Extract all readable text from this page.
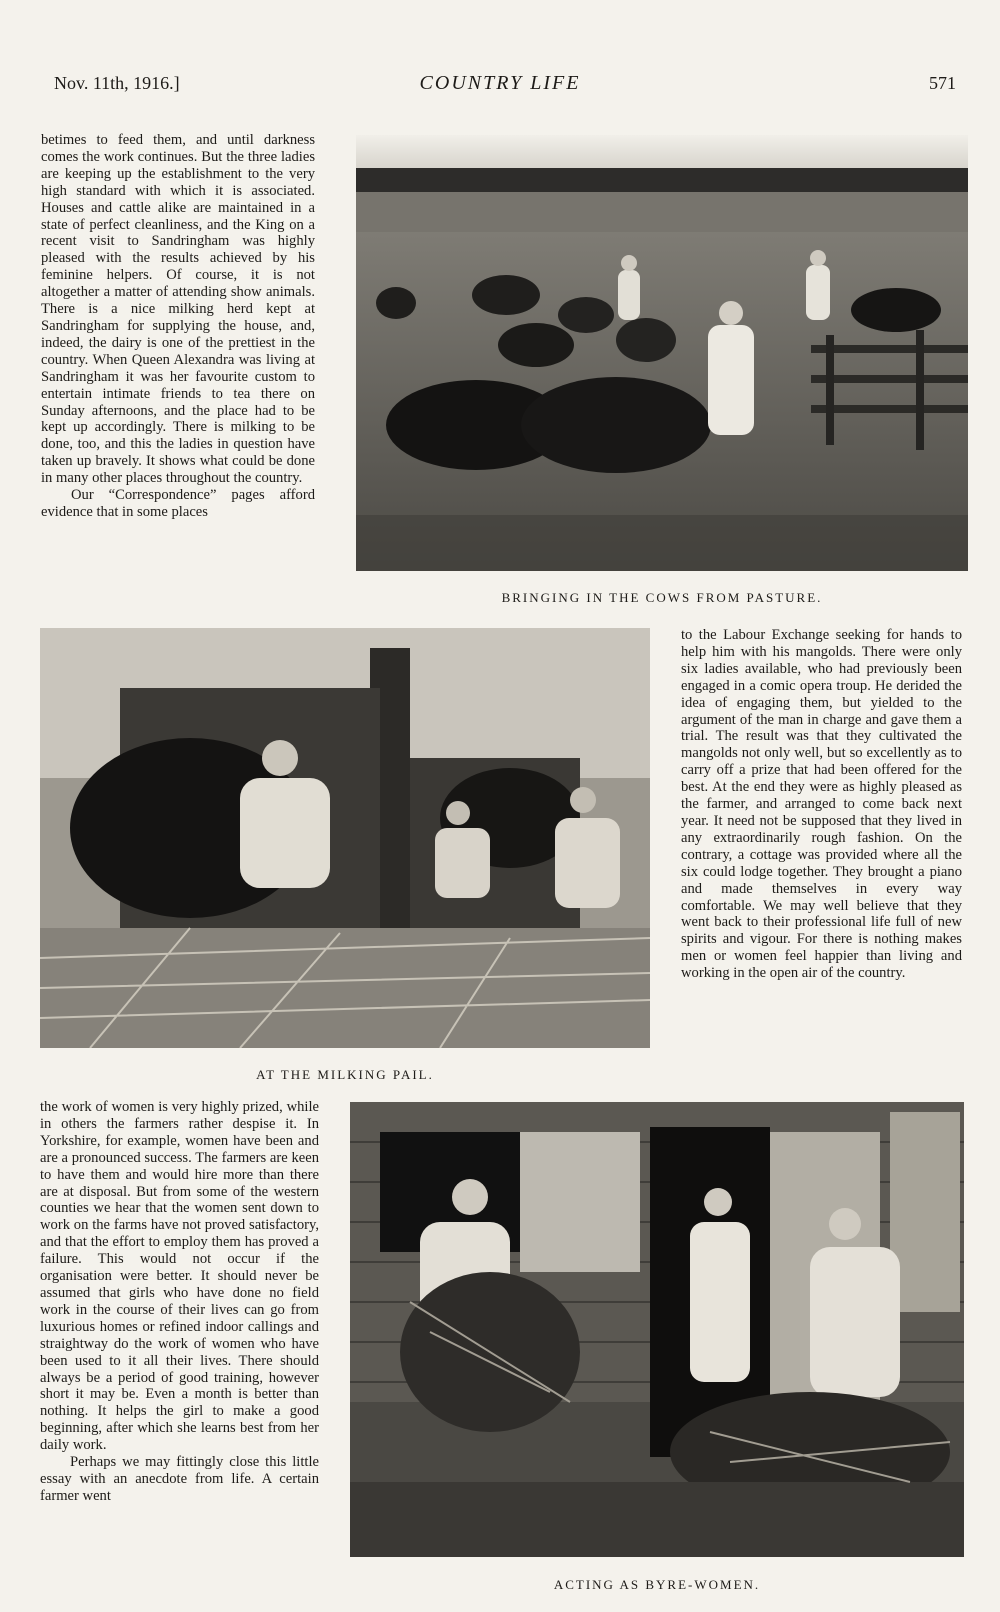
Nov. 11th, 1916.]	COUNTRY LIFE	571

betimes to feed them, and until darkness comes the work continues. But the three ladies are keeping up the establishment to the very high standard with which it is associated. Houses and cattle alike are maintained in a state of perfect cleanliness, and the King on a recent visit to Sandringham was highly pleased with the results achieved by his feminine helpers. Of course, it is not altogether a matter of attending show animals. There is a nice milking herd kept at Sandringham for supplying the house, and, indeed, the dairy is one of the prettiest in the country. When Queen Alexandra was living at Sandringham it was her favourite custom to entertain intimate friends to tea there on Sunday afternoons, and the place had to be kept up accordingly. There is milking to be done, too, and this the ladies in question have taken up bravely. It shows what could be done in many other places throughout the country.

Our “Correspondence” pages afford evidence that in some places

BRINGING IN THE COWS FROM PASTURE.

to the Labour Exchange seeking for hands to help him with his mangolds. There were only six ladies available, who had previously been engaged in a comic opera troup. He derided the idea of engaging them, but yielded to the argument of the man in charge and gave them a trial. The result was that they cultivated the mangolds not only well, but so excellently as to carry off a prize that had been offered for the best. At the end they were as highly pleased as the farmer, and arranged to come back next year. It need not be supposed that they lived in any extraordinarily rough fashion. On the contrary, a cottage was provided where all the six could lodge together. They brought a piano and made themselves in every way comfortable. We may well believe that they went back to their professional life full of new spirits and vigour. For there is nothing makes men or women feel happier than living and working in the open air of the country.

AT THE MILKING PAIL.

the work of women is very highly prized, while in others the farmers rather despise it. In Yorkshire, for example, women have been and are a pronounced success. The farmers are keen to have them and would hire more than there are at disposal. But from some of the western counties we hear that the women sent down to work on the farms have not proved satisfactory, and that the effort to employ them has proved a failure. This would not occur if the organisation were better. It should never be assumed that girls who have done no field work in the course of their lives can go from luxurious homes or refined indoor callings and straightway do the work of women who have been used to it all their lives. There should always be a period of good training, however short it may be. Even a month is better than nothing. It helps the girl to make a good beginning, after which she learns best from her daily work.

Perhaps we may fittingly close this little essay with an anecdote from life. A certain farmer went

ACTING AS BYRE-WOMEN.
